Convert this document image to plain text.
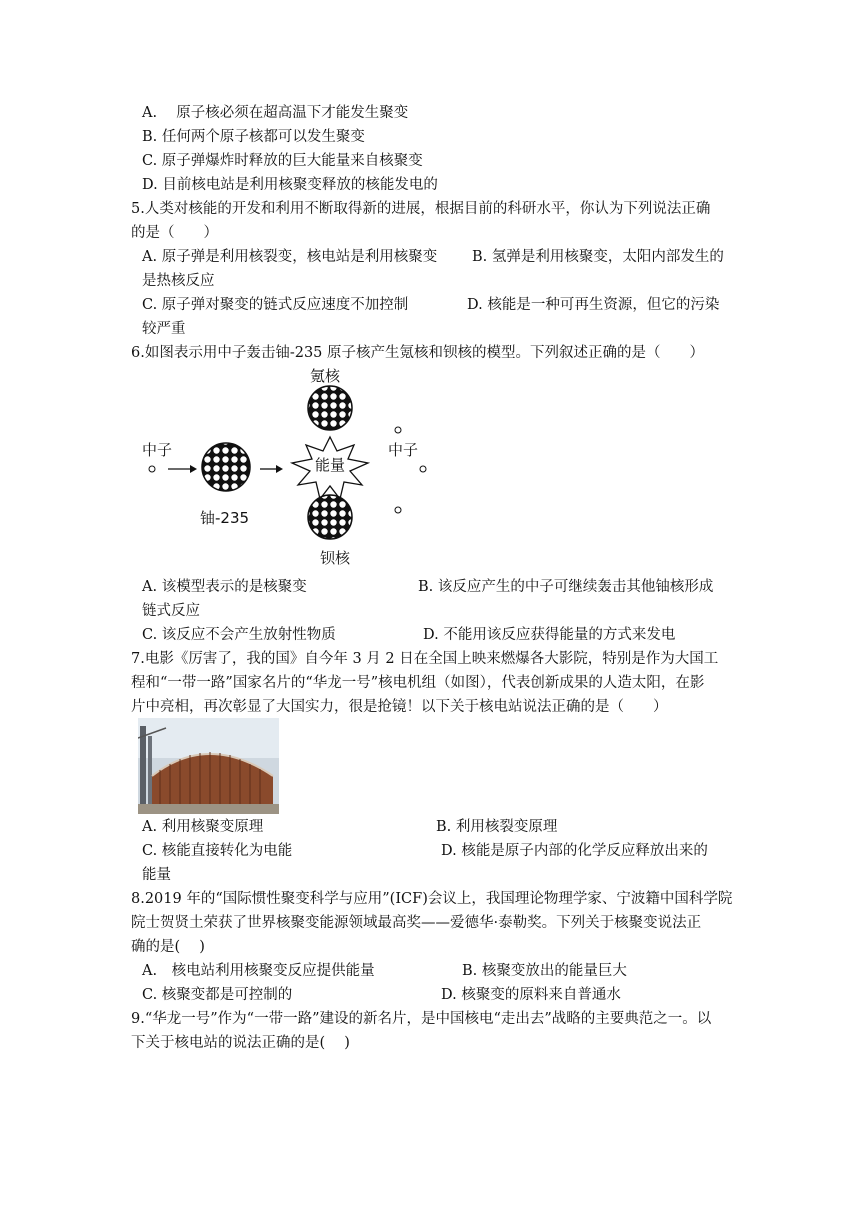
A.　 原子核必须在超高温下才能发生聚变
B. 任何两个原子核都可以发生聚变
C. 原子弹爆炸时释放的巨大能量来自核聚变
D. 目前核电站是利用核聚变释放的核能发电的
5.人类对核能的开发和利用不断取得新的进展，根据目前的科研水平，你认为下列说法正确
的是（　　）
A. 原子弹是利用核裂变，核电站是利用核聚变 B. 氢弹是利用核聚变，太阳内部发生的
是热核反应
C. 原子弹对聚变的链式反应速度不加控制	D. 核能是一种可再生资源，但它的污染
较严重
6.如图表示用中子轰击铀-235 原子核产生氪核和钡核的模型。下列叙述正确的是（　　）
氪核
中子
铀-235
能量
钡核
中子
A. 该模型表示的是核聚变	B. 该反应产生的中子可继续轰击其他铀核形成
链式反应
C. 该反应不会产生放射性物质	D. 不能用该反应获得能量的方式来发电
7.电影《厉害了，我的国》自今年 3 月 2 日在全国上映来燃爆各大影院，特别是作为大国工
程和“一带一路”国家名片的“华龙一号”核电机组（如图），代表创新成果的人造太阳，在影
片中亮相，再次彰显了大国实力，很是抢镜！以下关于核电站说法正确的是（　　）
A. 利用核聚变原理	B. 利用核裂变原理
C. 核能直接转化为电能	D. 核能是原子内部的化学反应释放出来的
能量
8.2019 年的“国际惯性聚变科学与应用”(ICF)会议上，我国理论物理学家、宁波籍中国科学院
院士贺贤土荣获了世界核聚变能源领域最高奖——爱德华·泰勒奖。下列关于核聚变说法正
确的是(　 )
A.　核电站利用核聚变反应提供能量	B. 核聚变放出的能量巨大
C. 核聚变都是可控制的	D. 核聚变的原料来自普通水
9.“华龙一号”作为“一带一路”建设的新名片，是中国核电“走出去”战略的主要典范之一。以
下关于核电站的说法正确的是(　 )
